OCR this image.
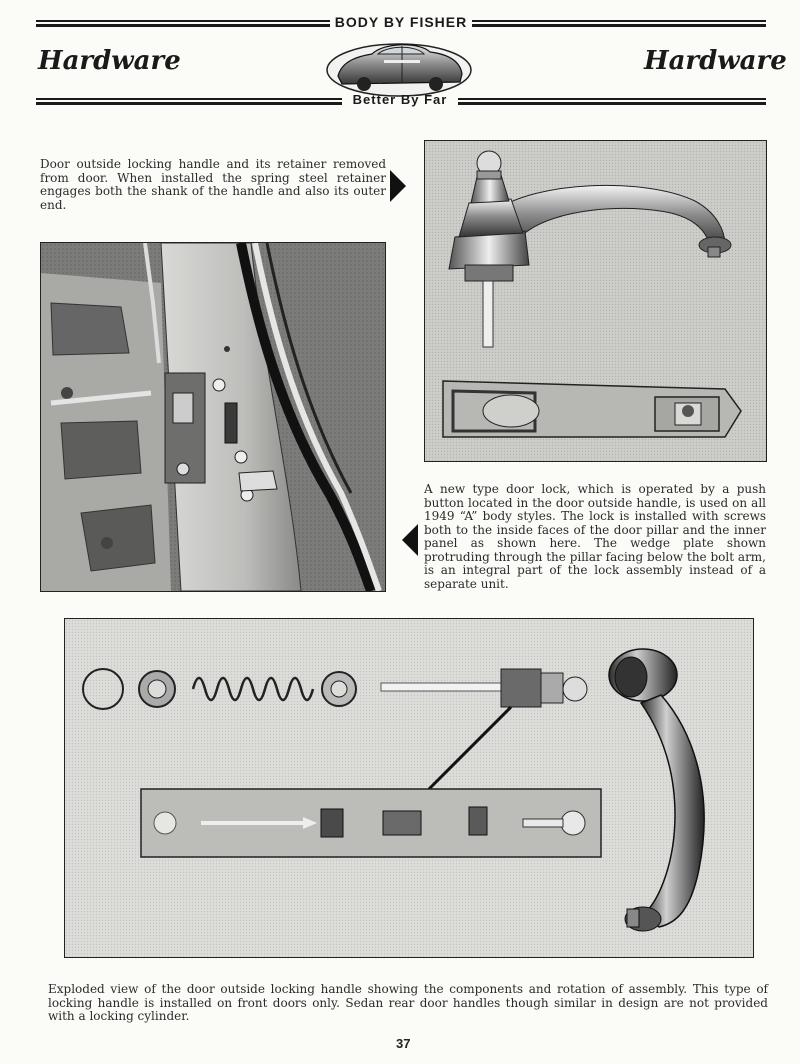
BODY BY FISHER
Hardware	Hardware
Better By Far
Door outside locking handle and its retainer removed from door. When installed the spring steel retainer engages both the shank of the handle and also its outer end.
A new type door lock, which is operated by a push button located in the door outside handle, is used on all 1949 “A” body styles. The lock is installed with screws both to the inside faces of the door pillar and the inner panel as shown here. The wedge plate shown protruding through the pillar facing below the bolt arm, is an integral part of the lock assembly instead of a separate unit.
Exploded view of the door outside locking handle showing the components and rotation of assembly. This type of locking handle is installed on front doors only. Sedan rear door handles though similar in design are not provided with a locking cylinder.
37
